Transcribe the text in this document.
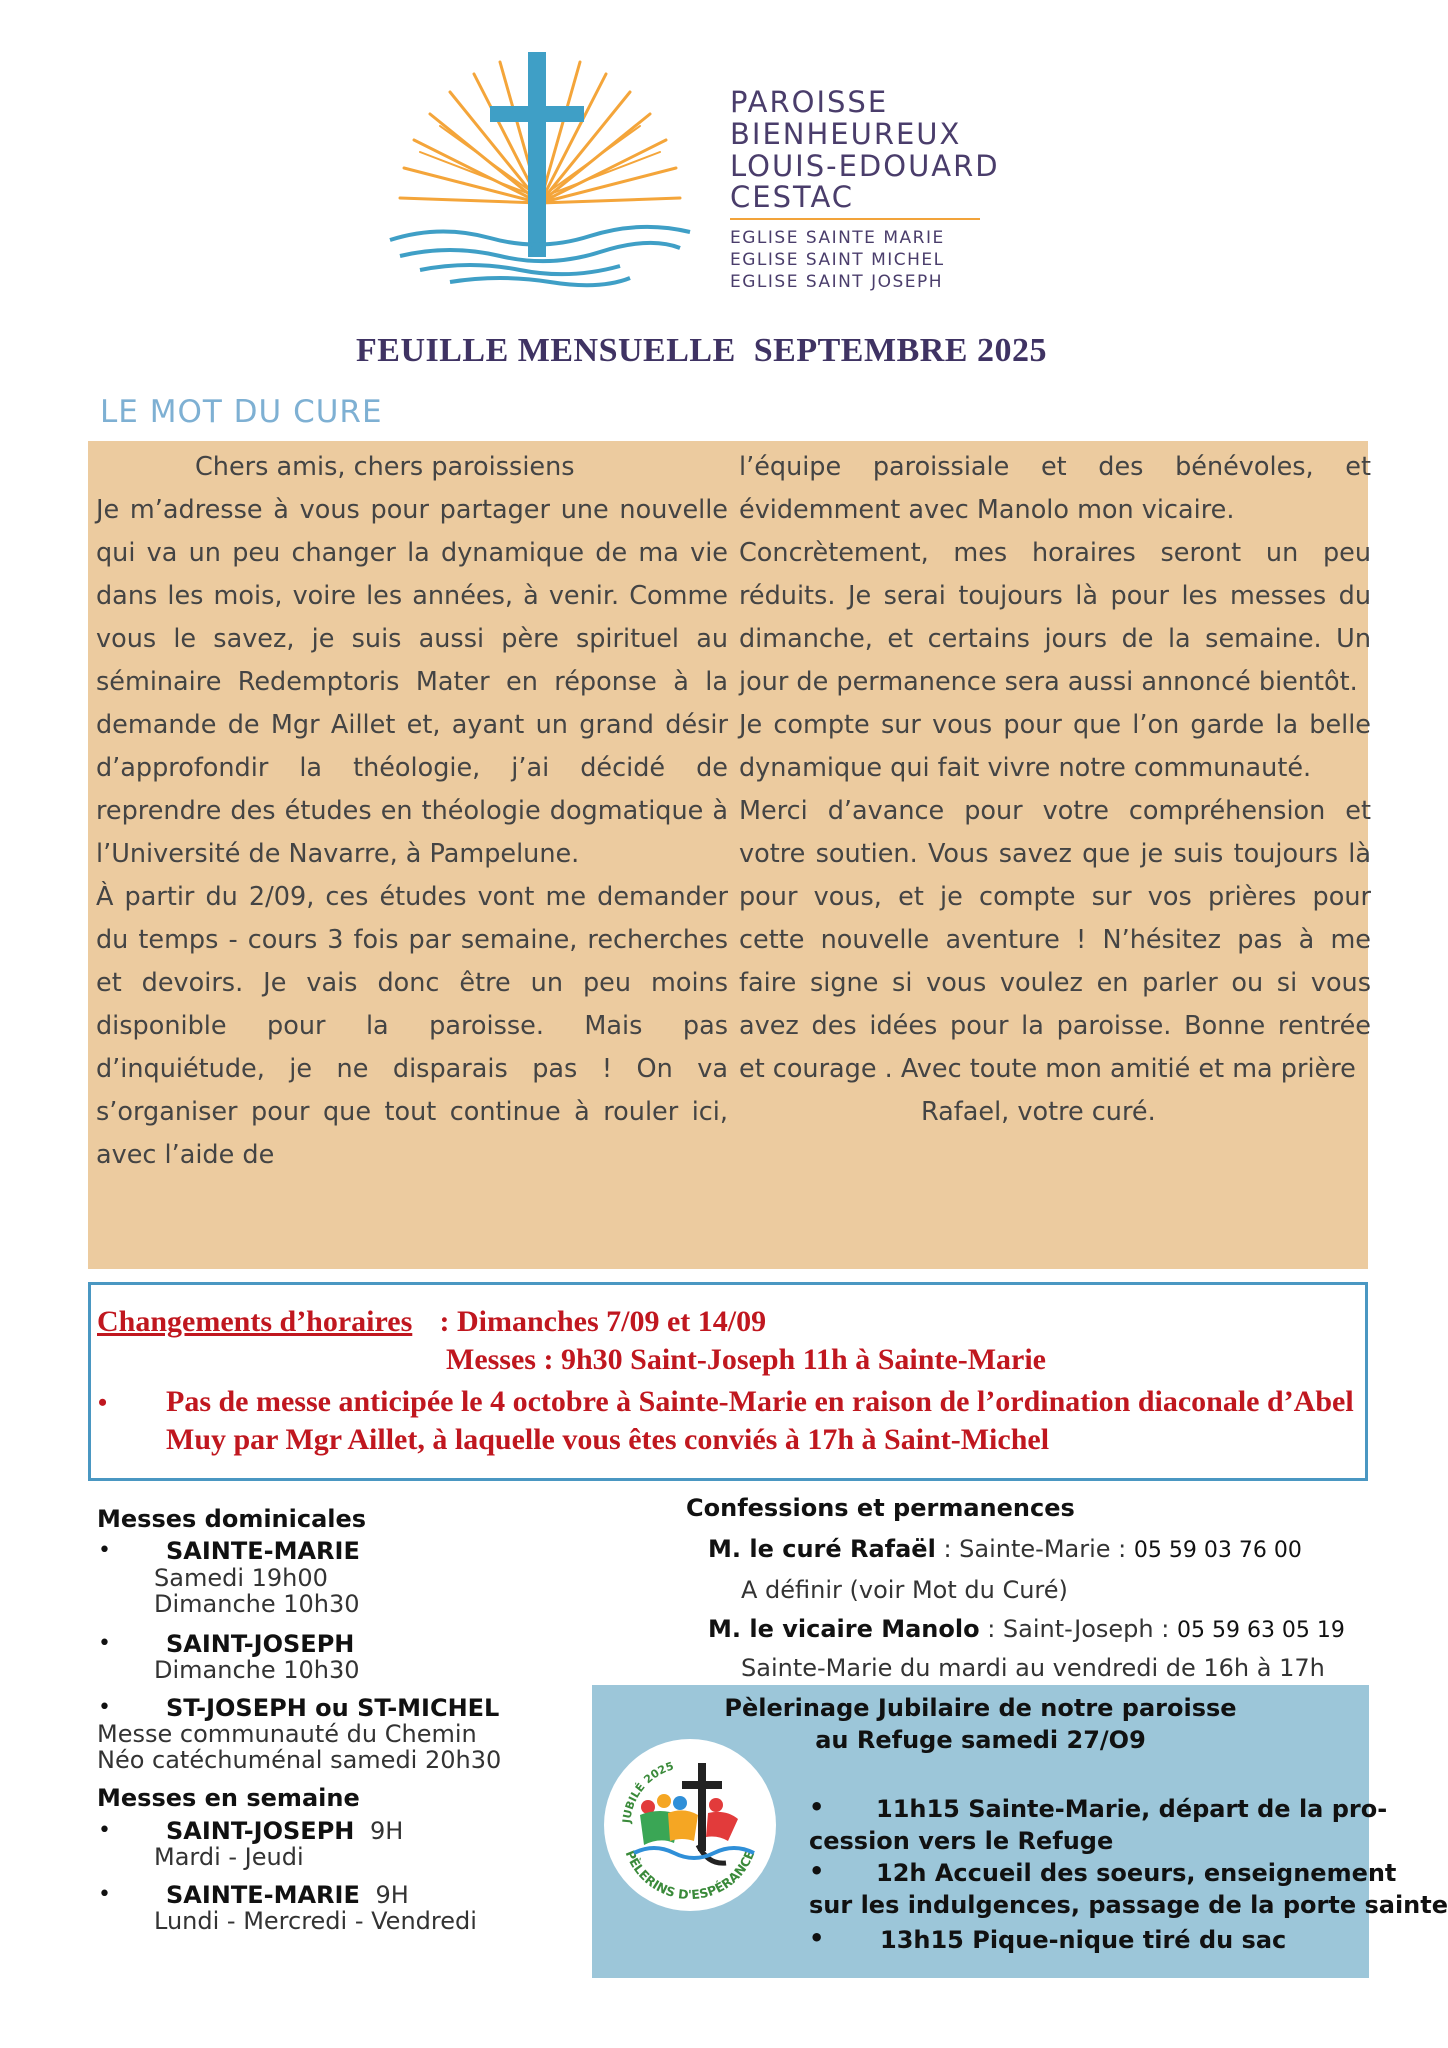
PAROISSE
BIENHEUREUX
LOUIS-EDOUARD
CESTAC
EGLISE SAINTE MARIE
EGLISE SAINT MICHEL
EGLISE SAINT JOSEPH
FEUILLE MENSUELLE  SEPTEMBRE 2025
LE MOT DU CURE

Chers amis, chers paroissiens

Je m’adresse à vous pour partager une nouvelle qui va un peu changer la dynamique de ma vie dans les mois, voire les années, à venir. Comme vous le savez, je suis aussi père spirituel au séminaire Redemptoris Mater en réponse à la demande de Mgr Aillet et, ayant un grand désir d’approfondir la théologie, j’ai décidé de reprendre des études en théologie dogmatique à l’Université de Navarre, à Pampelune.

À partir du 2/09, ces études vont me demander du temps - cours 3 fois par semaine, recherches et devoirs. Je vais donc être un peu moins disponible pour la paroisse. Mais pas d’inquiétude, je ne disparais pas ! On va s’organiser pour que tout continue à rouler ici, avec l’aide de

l’équipe paroissiale et des bénévoles, et évidemment avec Manolo mon vicaire.

Concrètement, mes horaires seront un peu réduits. Je serai toujours là pour les messes du dimanche, et certains jours de la semaine. Un jour de permanence sera aussi annoncé bientôt.

Je compte sur vous pour que l’on garde la belle dynamique qui fait vivre notre communauté.

Merci d’avance pour votre compréhension et votre soutien. Vous savez que je suis toujours là pour vous, et je compte sur vos prières pour cette nouvelle aventure ! N’hésitez pas à me faire signe si vous voulez en parler ou si vous avez des idées pour la paroisse. Bonne rentrée et courage . Avec toute mon amitié et ma prière

Rafael, votre curé.

Changements d’horaires : Dimanches 7/09 et 14/09
Messes : 9h30 Saint-Joseph 11h à Sainte-Marie
• Pas de messe anticipée le 4 octobre à Sainte-Marie en raison de l’ordination diaconale d’Abel Muy par Mgr Aillet, à laquelle vous êtes conviés à 17h à Saint-Michel
Messes dominicales
• SAINTE-MARIE
Samedi 19h00
Dimanche 10h30
• SAINT-JOSEPH
Dimanche 10h30
• ST-JOSEPH ou ST-MICHEL
Messe communauté du Chemin
Néo catéchuménal samedi 20h30
Messes en semaine
• SAINT-JOSEPH 9H
Mardi - Jeudi
• SAINTE-MARIE 9H
Lundi - Mercredi - Vendredi
Confessions et permanences
M. le curé Rafaël : Sainte-Marie : 05 59 03 76 00
A définir (voir Mot du Curé)
M. le vicaire Manolo : Saint-Joseph : 05 59 63 05 19
Sainte-Marie du mardi au vendredi de 16h à 17h
Pèlerinage Jubilaire de notre paroisse
au Refuge samedi 27/O9
JUBILÉ 2025
PÈLERINS D'ESPÉRANCE
• 11h15 Sainte-Marie, départ de la pro-
cession vers le Refuge
• 12h Accueil des soeurs, enseignement
sur les indulgences, passage de la porte sainte
• 13h15 Pique-nique tiré du sac
